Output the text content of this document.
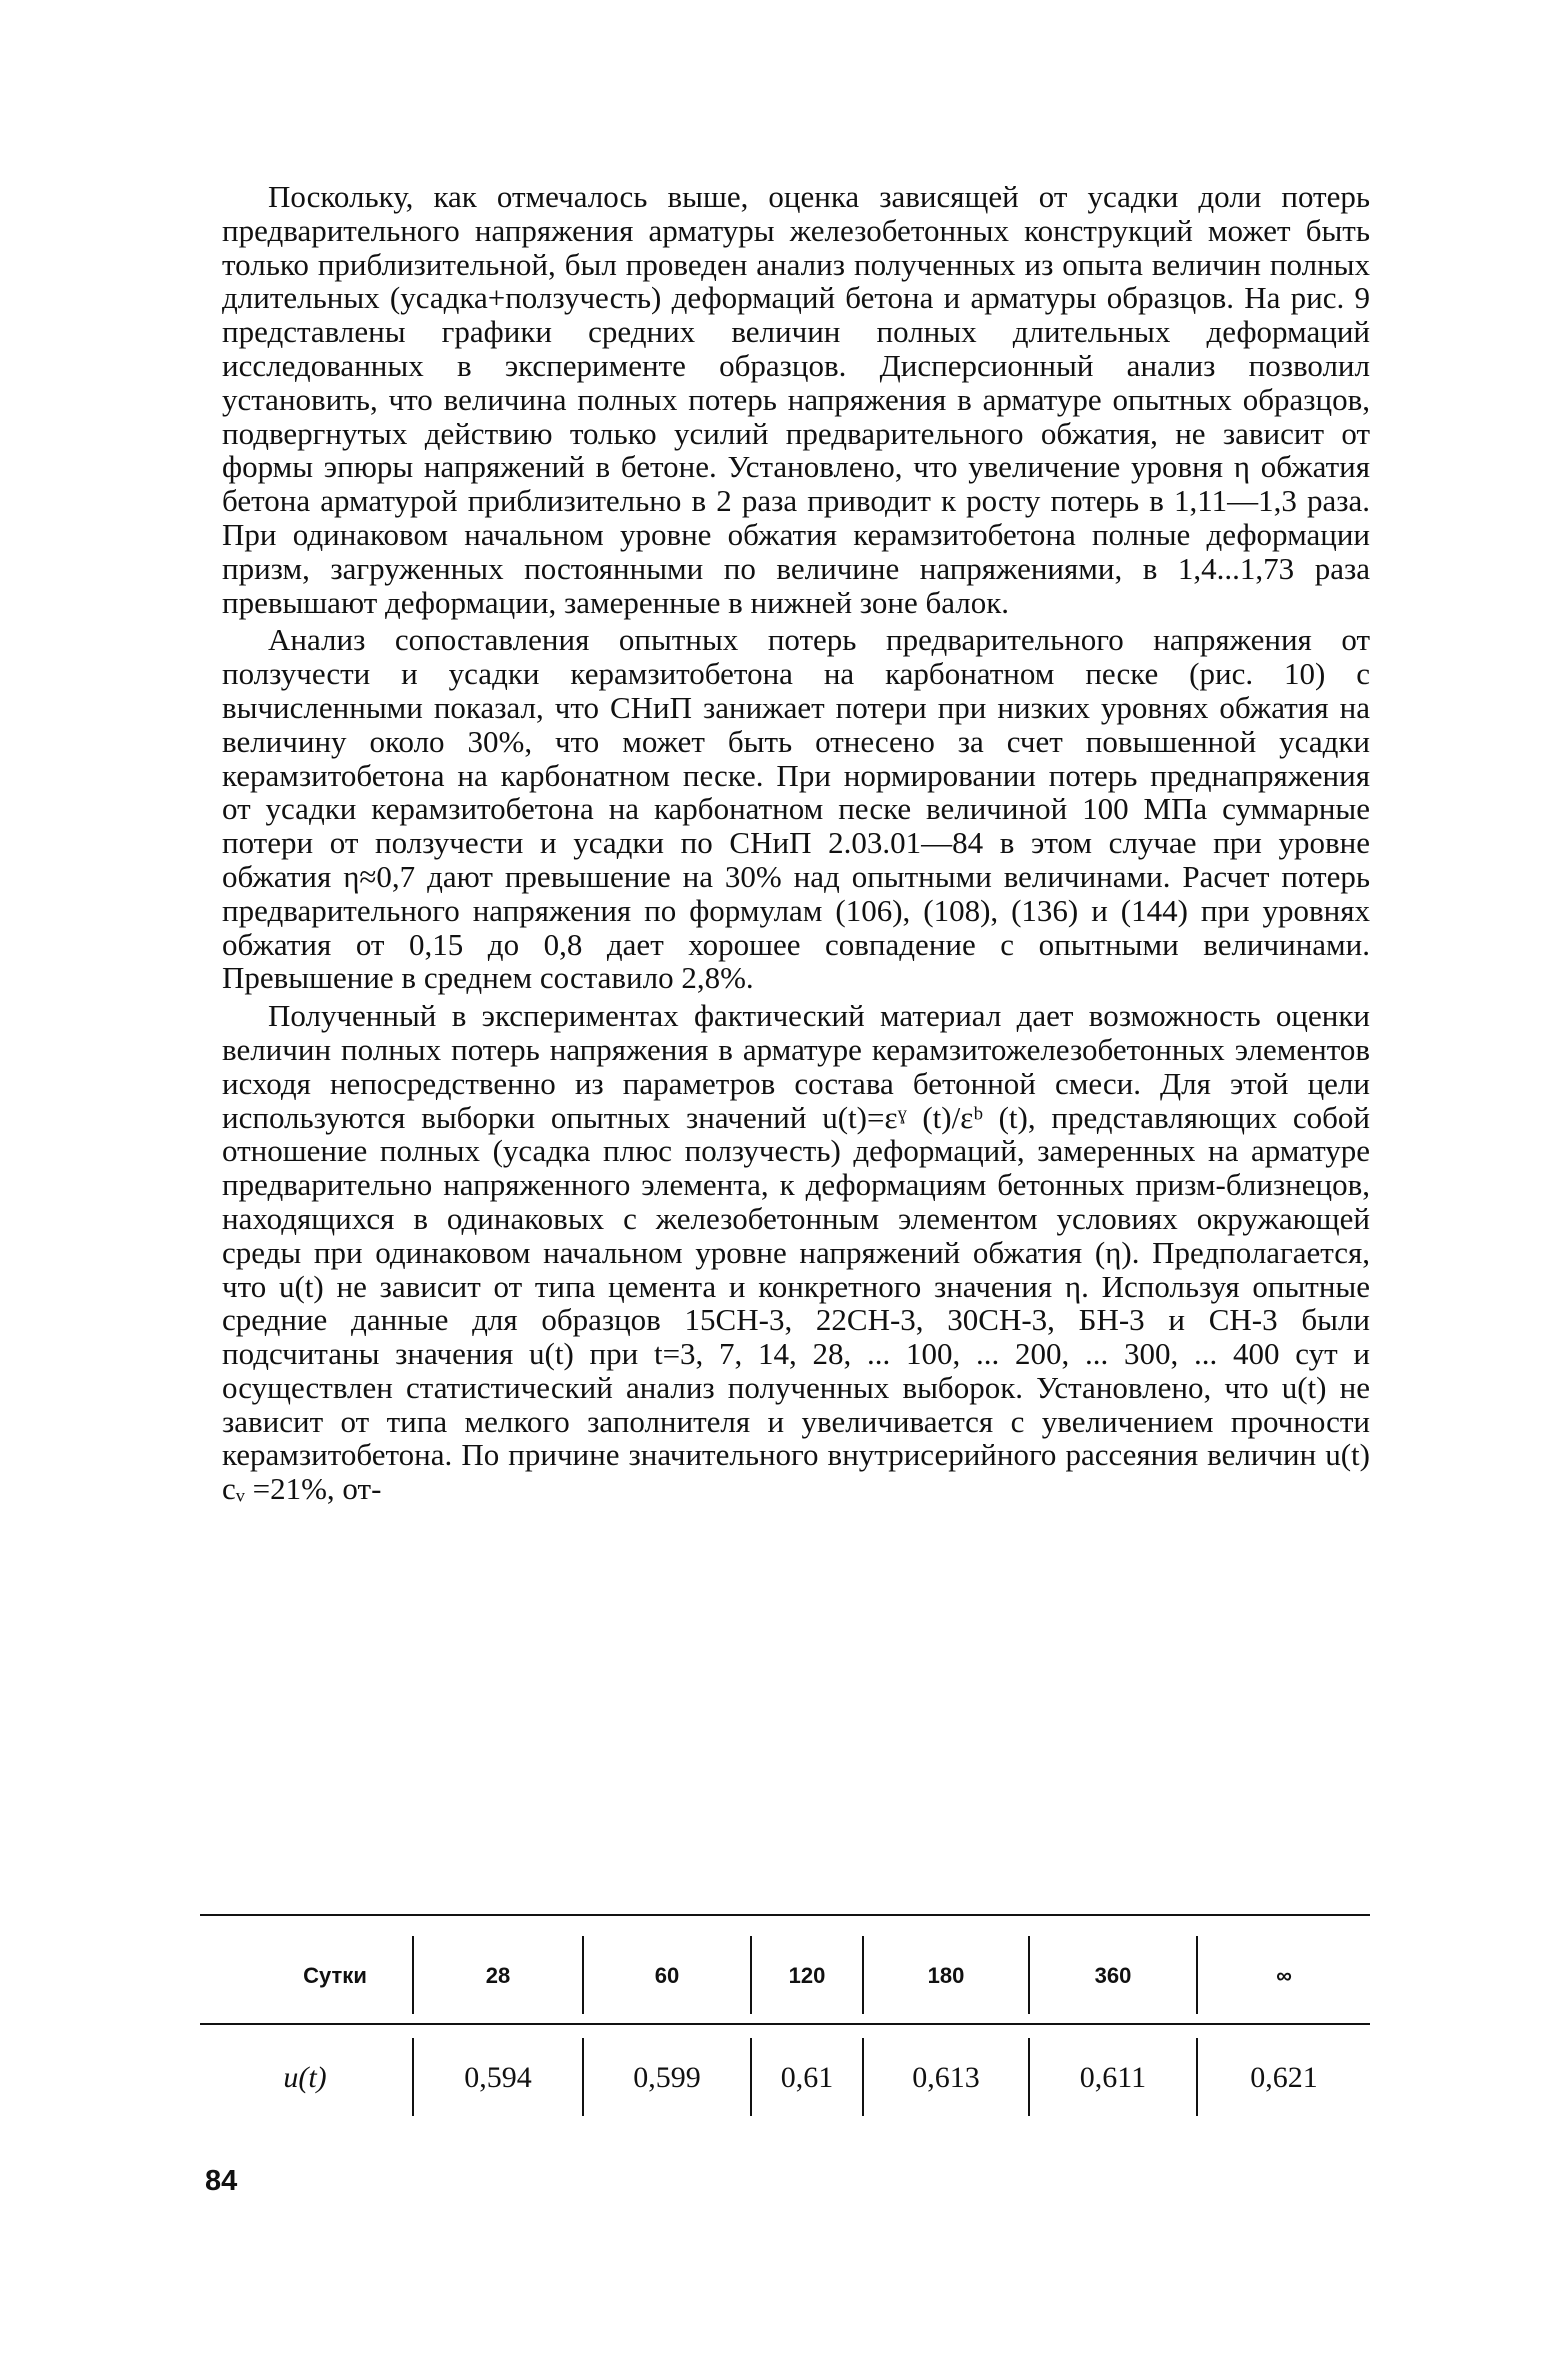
Поскольку, как отмечалось выше, оценка зависящей от усадки доли потерь предварительного напряжения арматуры железобетонных конструкций может быть только приблизительной, был проведен анализ полученных из опыта величин полных длительных (усадка+ползучесть) деформаций бетона и арматуры образцов. На рис. 9 представлены графики средних величин полных длительных деформаций исследованных в эксперименте образцов. Дисперсионный анализ позволил установить, что величина полных потерь напряжения в арматуре опытных образцов, подвергнутых действию только усилий предварительного обжатия, не зависит от формы эпюры напряжений в бетоне. Установлено, что увеличение уровня η обжатия бетона арматурой приблизительно в 2 раза приводит к росту потерь в 1,11—1,3 раза. При одинаковом начальном уровне обжатия керамзитобетона полные деформации призм, загруженных постоянными по величине напряжениями, в 1,4...1,73 раза превышают деформации, замеренные в нижней зоне балок.

Анализ сопоставления опытных потерь предварительного напряжения от ползучести и усадки керамзитобетона на карбонатном песке (рис. 10) с вычисленными показал, что СНиП занижает потери при низких уровнях обжатия на величину около 30%, что может быть отнесено за счет повышенной усадки керамзитобетона на карбонатном песке. При нормировании потерь преднапряжения от усадки керамзитобетона на карбонатном песке величиной 100 МПа суммарные потери от ползучести и усадки по СНиП 2.03.01—84 в этом случае при уровне обжатия η≈0,7 дают превышение на 30% над опытными величинами. Расчет потерь предварительного напряжения по формулам (106), (108), (136) и (144) при уровнях обжатия от 0,15 до 0,8 дает хорошее совпадение с опытными величинами. Превышение в среднем составило 2,8%.

Полученный в экспериментах фактический материал дает возможность оценки величин полных потерь напряжения в арматуре керамзитожелезобетонных элементов исходя непосредственно из параметров состава бетонной смеси. Для этой цели используются выборки опытных значений u(t)=εˠ (t)/εᵇ (t), представляющих собой отношение полных (усадка плюс ползучесть) деформаций, замеренных на арматуре предварительно напряженного элемента, к деформациям бетонных призм-близнецов, находящихся в одинаковых с железобетонным элементом условиях окружающей среды при одинаковом начальном уровне напряжений обжатия (η). Предполагается, что u(t) не зависит от типа цемента и конкретного значения η. Используя опытные средние данные для образцов 15СН-3, 22СН-3, 30СН-3, БН-3 и СН-3 были подсчитаны значения u(t) при t=3, 7, 14, 28, ... 100, ... 200, ... 300, ... 400 сут и осуществлен статистический анализ полученных выборок. Установлено, что u(t) не зависит от типа мелкого заполнителя и увеличивается с увеличением прочности керамзитобетона. По причине значительного внутрисерийного рассеяния величин u(t) cᵥ =21%, от-

Сутки	28	60	120	180	360	∞
u(t)	0,594	0,599	0,61	0,613	0,611	0,621
84
